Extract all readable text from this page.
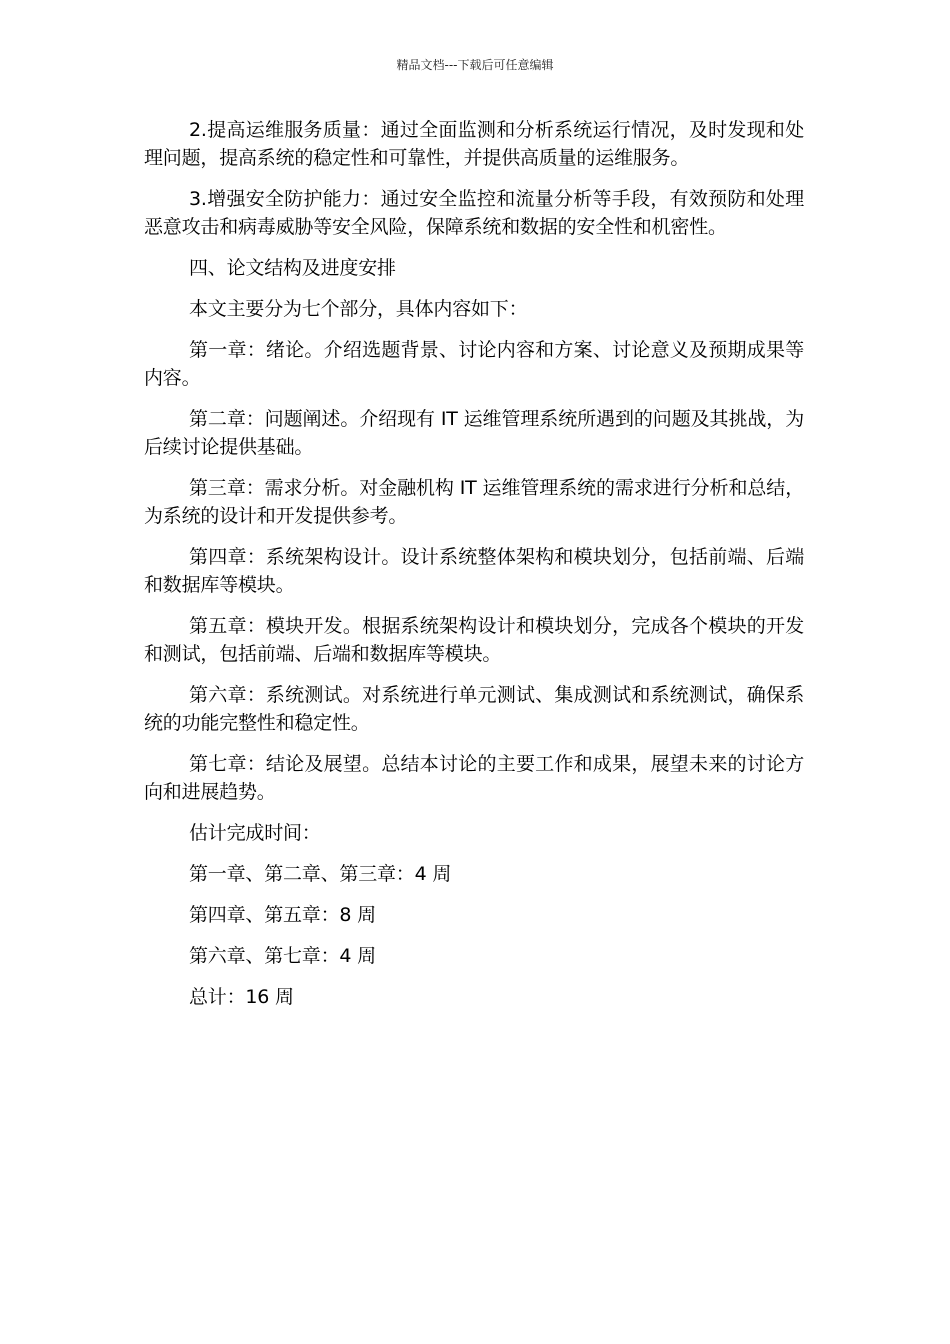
精品文档---下载后可任意编辑

2.提高运维服务质量：通过全面监测和分析系统运行情况，及时发现和处理问题，提高系统的稳定性和可靠性，并提供高质量的运维服务。

3.增强安全防护能力：通过安全监控和流量分析等手段，有效预防和处理恶意攻击和病毒威胁等安全风险，保障系统和数据的安全性和机密性。

四、论文结构及进度安排

本文主要分为七个部分，具体内容如下：

第一章：绪论。介绍选题背景、讨论内容和方案、讨论意义及预期成果等内容。

第二章：问题阐述。介绍现有 IT 运维管理系统所遇到的问题及其挑战，为后续讨论提供基础。

第三章：需求分析。对金融机构 IT 运维管理系统的需求进行分析和总结，为系统的设计和开发提供参考。

第四章：系统架构设计。设计系统整体架构和模块划分，包括前端、后端和数据库等模块。

第五章：模块开发。根据系统架构设计和模块划分，完成各个模块的开发和测试，包括前端、后端和数据库等模块。

第六章：系统测试。对系统进行单元测试、集成测试和系统测试，确保系统的功能完整性和稳定性。

第七章：结论及展望。总结本讨论的主要工作和成果，展望未来的讨论方向和进展趋势。

估计完成时间：

第一章、第二章、第三章：4 周

第四章、第五章：8 周

第六章、第七章：4 周

总计：16 周
